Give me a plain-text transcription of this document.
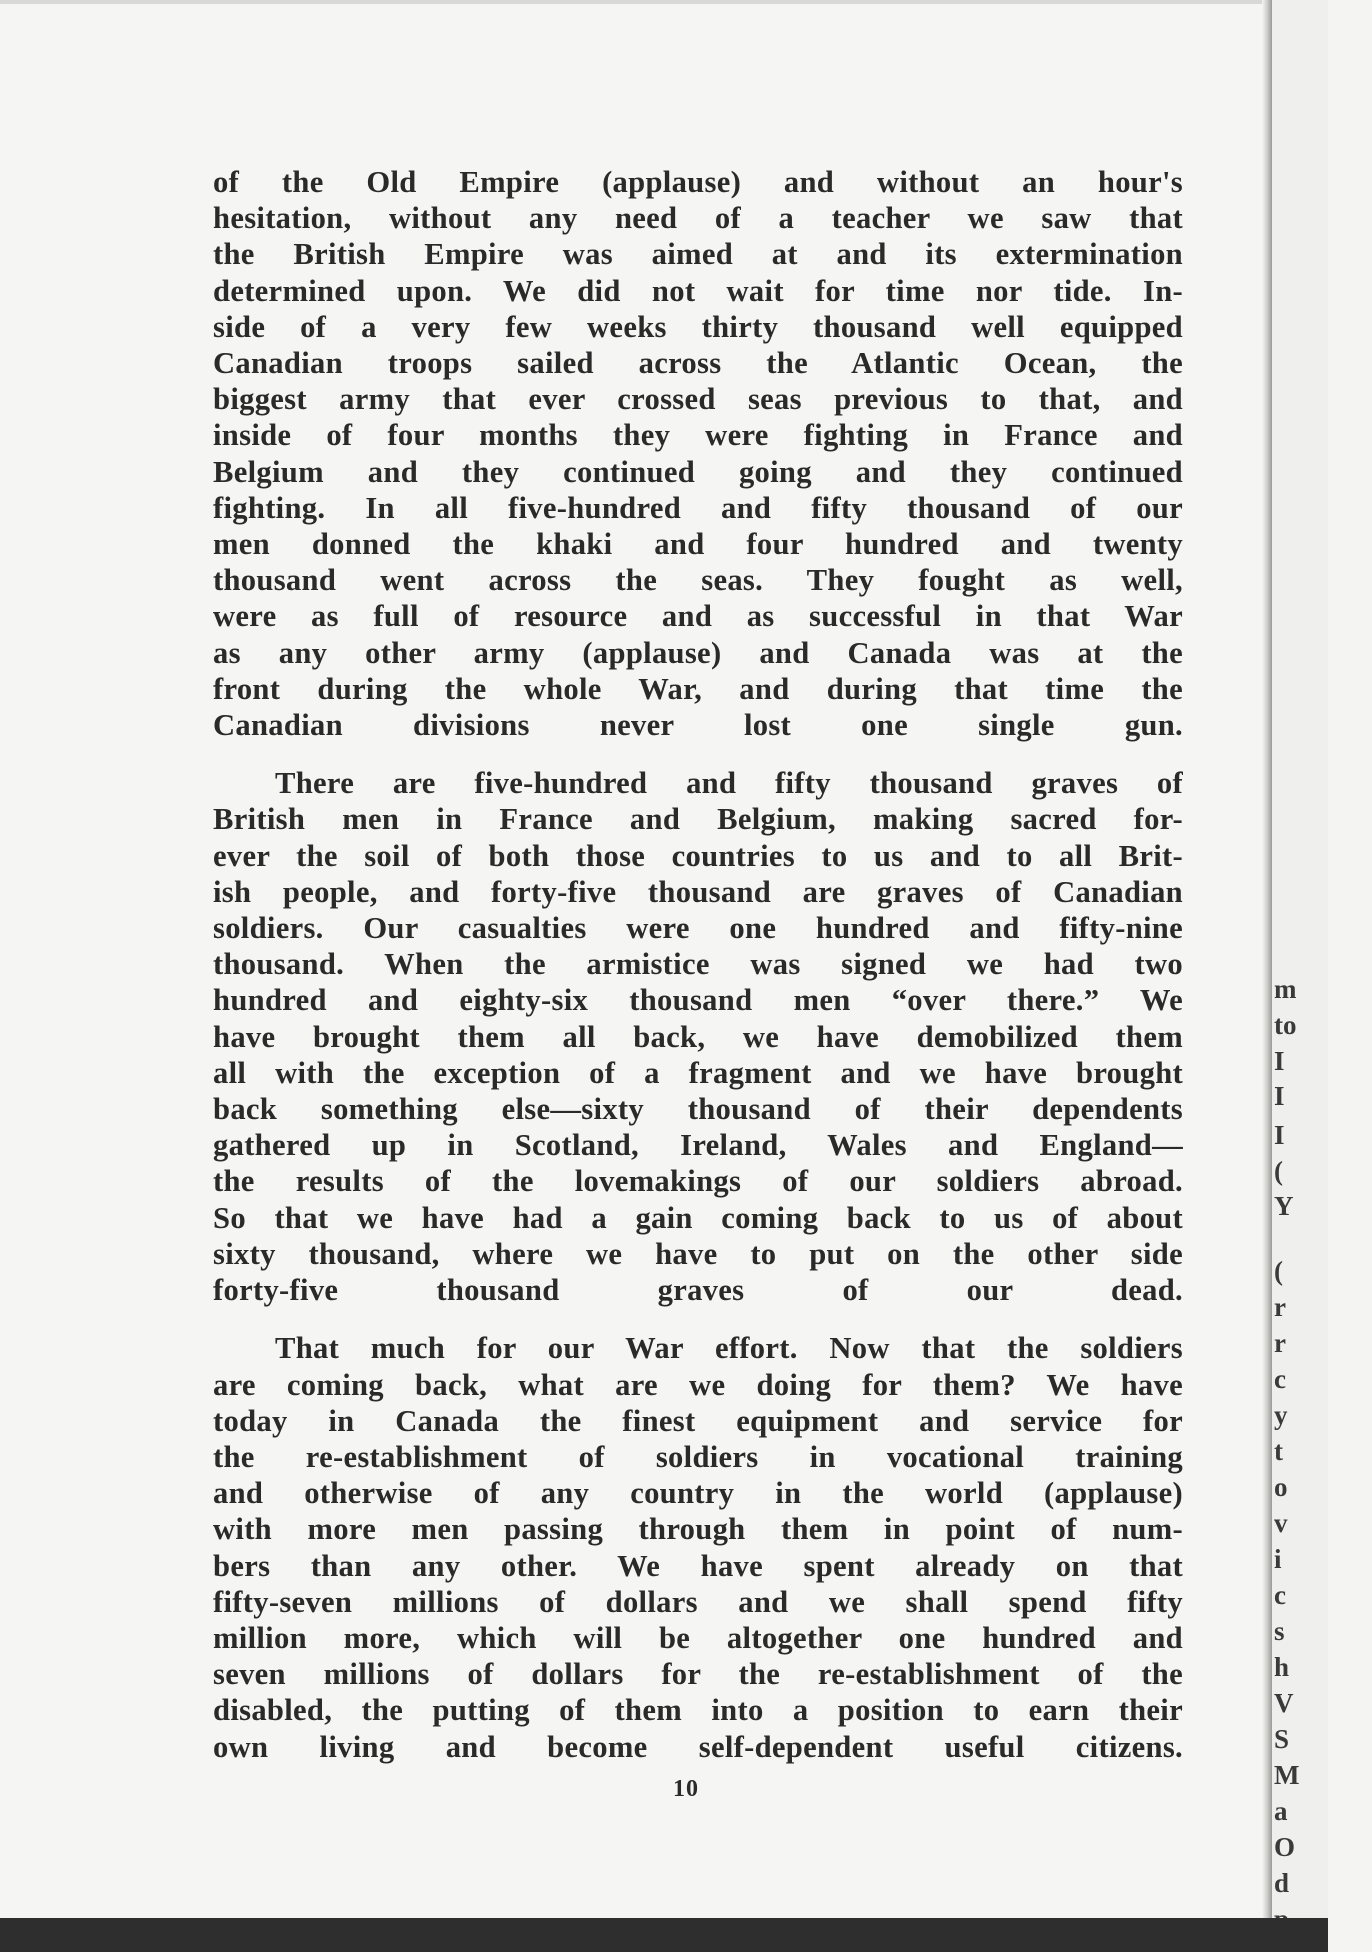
of the Old Empire (applause) and without an hour's
hesitation, without any need of a teacher we saw that
the British Empire was aimed at and its extermination
determined upon. We did not wait for time nor tide. In-
side of a very few weeks thirty thousand well equipped
Canadian troops sailed across the Atlantic Ocean, the
biggest army that ever crossed seas previous to that, and
inside of four months they were fighting in France and
Belgium and they continued going and they continued
fighting. In all five-hundred and fifty thousand of our
men donned the khaki and four hundred and twenty
thousand went across the seas. They fought as well,
were as full of resource and as successful in that War
as any other army (applause) and Canada was at the
front during the whole War, and during that time the
Canadian divisions never lost one single gun.
There are five-hundred and fifty thousand graves of
British men in France and Belgium, making sacred for-
ever the soil of both those countries to us and to all Brit-
ish people, and forty-five thousand are graves of Canadian
soldiers. Our casualties were one hundred and fifty-nine
thousand. When the armistice was signed we had two
hundred and eighty-six thousand men “over there.” We
have brought them all back, we have demobilized them
all with the exception of a fragment and we have brought
back something else—sixty thousand of their dependents
gathered up in Scotland, Ireland, Wales and England—
the results of the lovemakings of our soldiers abroad.
So that we have had a gain coming back to us of about
sixty thousand, where we have to put on the other side
forty-five thousand graves of our dead.
That much for our War effort. Now that the soldiers
are coming back, what are we doing for them? We have
today in Canada the finest equipment and service for
the re-establishment of soldiers in vocational training
and otherwise of any country in the world (applause)
with more men passing through them in point of num-
bers than any other. We have spent already on that
fifty-seven millions of dollars and we shall spend fifty
million more, which will be altogether one hundred and
seven millions of dollars for the re-establishment of the
disabled, the putting of them into a position to earn their
own living and become self-dependent useful citizens.
10
I
I
I
(
Y
(
r
r
c
y
t
o
v
i
c
s
h
V
S
M
a
O
d
to
m
